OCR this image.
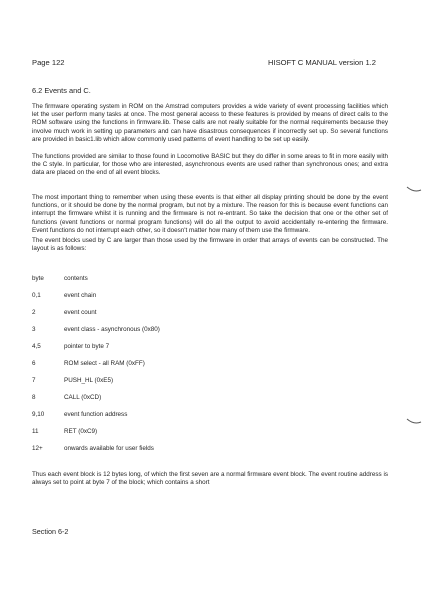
Page 122	HISOFT C MANUAL version 1.2
6.2 Events and C.
The firmware operating system in ROM on the Amstrad computers provides a wide variety of event processing facilities which let the user perform many tasks at once. The most general access to these features is provided by means of direct calls to the ROM software using the functions in firmware.lib. These calls are not really suitable for the normal requirements because they involve much work in setting up parameters and can have disastrous consequences if incorrectly set up. So several functions are provided in basic1.lib which allow commonly used patterns of event handling to be set up easily.
The functions provided are similar to those found in Locomotive BASIC but they do differ in some areas to fit in more easily with the C style. In particular, for those who are interested, asynchronous events are used rather than synchronous ones; and extra data are placed on the end of all event blocks.
The most important thing to remember when using these events is that either all display printing should be done by the event functions, or it should be done by the normal program, but not by a mixture. The reason for this is because event functions can interrupt the firmware whilst it is running and the firmware is not re-entrant. So take the decision that one or the other set of functions (event functions or normal program functions) will do all the output to avoid accidentally re-entering the firmware. Event functions do not interrupt each other, so it doesn't matter how many of them use the firmware.
The event blocks used by C are larger than those used by the firmware in order that arrays of events can be constructed. The layout is as follows:
byte	contents
0,1	event chain
2	event count
3	event class - asynchronous (0x80)
4,5	pointer to byte 7
6	ROM select - all RAM (0xFF)
7	PUSH_HL (0xE5)
8	CALL (0xCD)
9,10	event function address
11	RET (0xC9)
12+	onwards available for user fields
Thus each event block is 12 bytes long, of which the first seven are a normal firmware event block. The event routine address is always set to point at byte 7 of the block; which contains a short
Section 6-2
